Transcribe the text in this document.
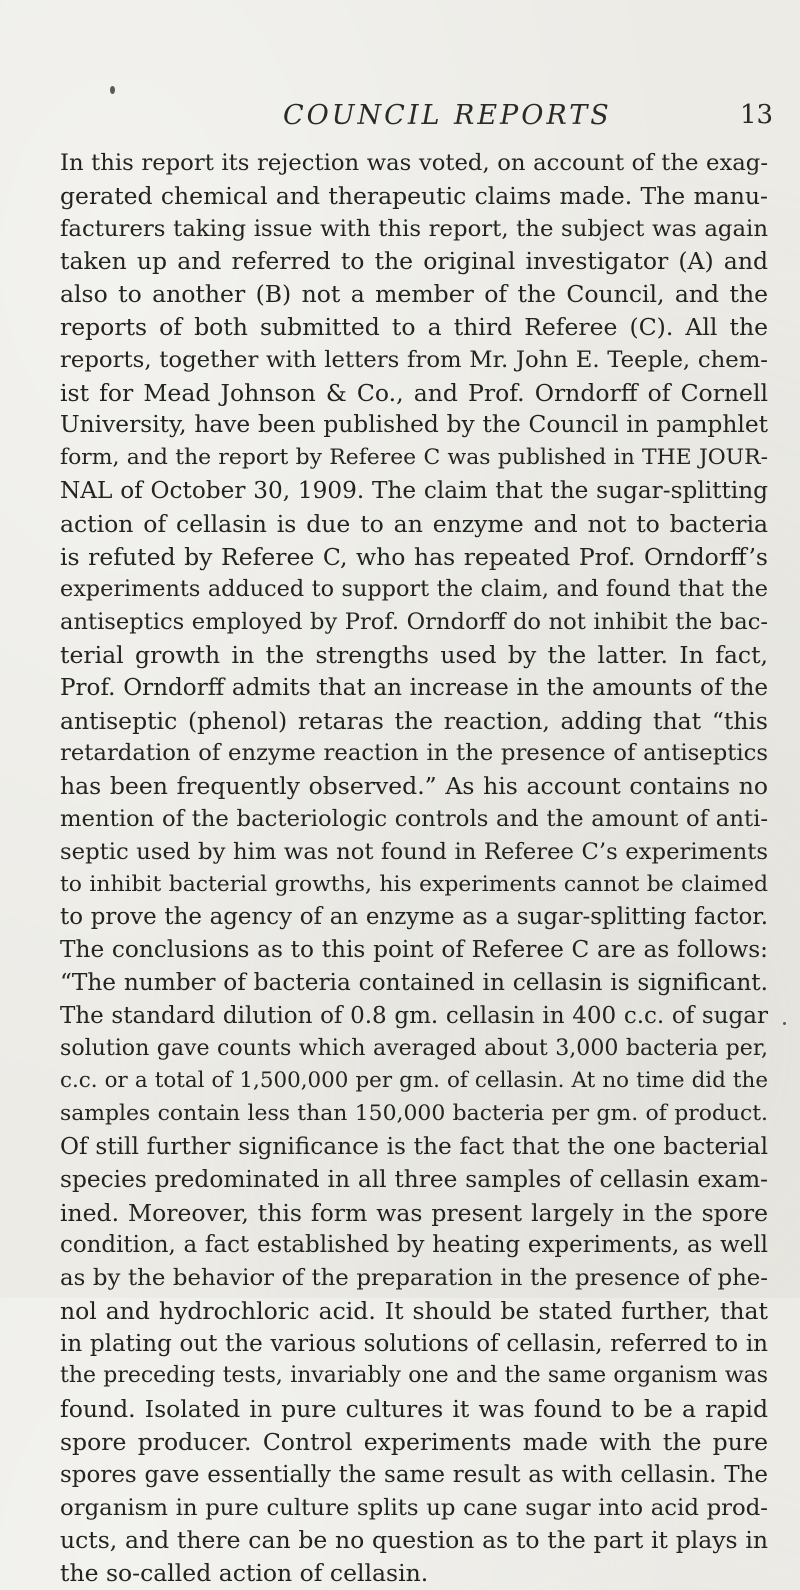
COUNCIL REPORTS	13
In this report its rejection was voted, on account of the exag-
gerated chemical and therapeutic claims made. The manu-
facturers taking issue with this report, the subject was again
taken up and referred to the original investigator (A) and
also to another (B) not a member of the Council, and the
reports of both submitted to a third Referee (C). All the
reports, together with letters from Mr. John E. Teeple, chem-
ist for Mead Johnson & Co., and Prof. Orndorff of Cornell
University, have been published by the Council in pamphlet
form, and the report by Referee C was published in THE JOUR-
NAL of October 30, 1909. The claim that the sugar-splitting
action of cellasin is due to an enzyme and not to bacteria
is refuted by Referee C, who has repeated Prof. Orndorff’s
experiments adduced to support the claim, and found that the
antiseptics employed by Prof. Orndorff do not inhibit the bac-
terial growth in the strengths used by the latter. In fact,
Prof. Orndorff admits that an increase in the amounts of the
antiseptic (phenol) retaras the reaction, adding that “this
retardation of enzyme reaction in the presence of antiseptics
has been frequently observed.” As his account contains no
mention of the bacteriologic controls and the amount of anti-
septic used by him was not found in Referee C’s experiments
to inhibit bacterial growths, his experiments cannot be claimed
to prove the agency of an enzyme as a sugar-splitting factor.
The conclusions as to this point of Referee C are as follows:
“The number of bacteria contained in cellasin is significant.
The standard dilution of 0.8 gm. cellasin in 400 c.c. of sugar
solution gave counts which averaged about 3,000 bacteria per,
c.c. or a total of 1,500,000 per gm. of cellasin. At no time did the
samples contain less than 150,000 bacteria per gm. of product.
Of still further significance is the fact that the one bacterial
species predominated in all three samples of cellasin exam-
ined. Moreover, this form was present largely in the spore
condition, a fact established by heating experiments, as well
as by the behavior of the preparation in the presence of phe-
nol and hydrochloric acid. It should be stated further, that
in plating out the various solutions of cellasin, referred to in
the preceding tests, invariably one and the same organism was
found. Isolated in pure cultures it was found to be a rapid
spore producer. Control experiments made with the pure
spores gave essentially the same result as with cellasin. The
organism in pure culture splits up cane sugar into acid prod-
ucts, and there can be no question as to the part it plays in
the so-called action of cellasin.
